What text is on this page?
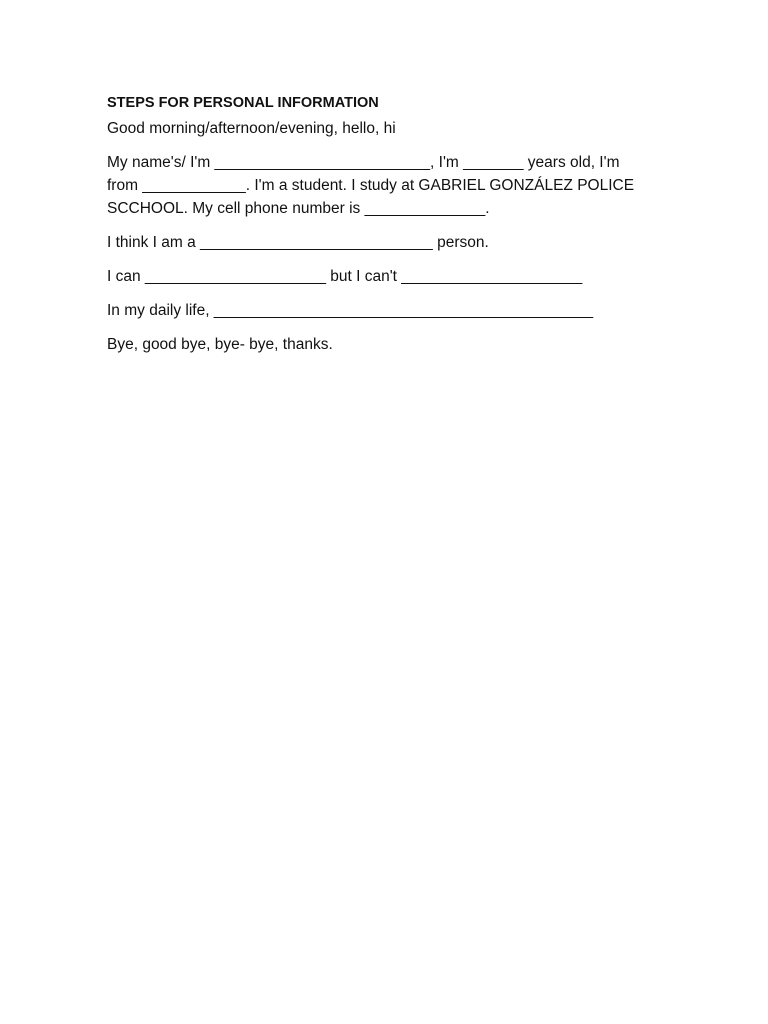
STEPS FOR PERSONAL INFORMATION
Good morning/afternoon/evening, hello, hi
My name's/ I'm _________________________, I'm _______ years old, I'm
from ____________. I'm a student. I study at GABRIEL GONZÁLEZ POLICE
SCCHOOL. My cell phone number is ______________.
I think I am a ___________________________ person.
I can _____________________ but I can't _____________________
In my daily life, ____________________________________________
Bye, good bye, bye- bye, thanks.
